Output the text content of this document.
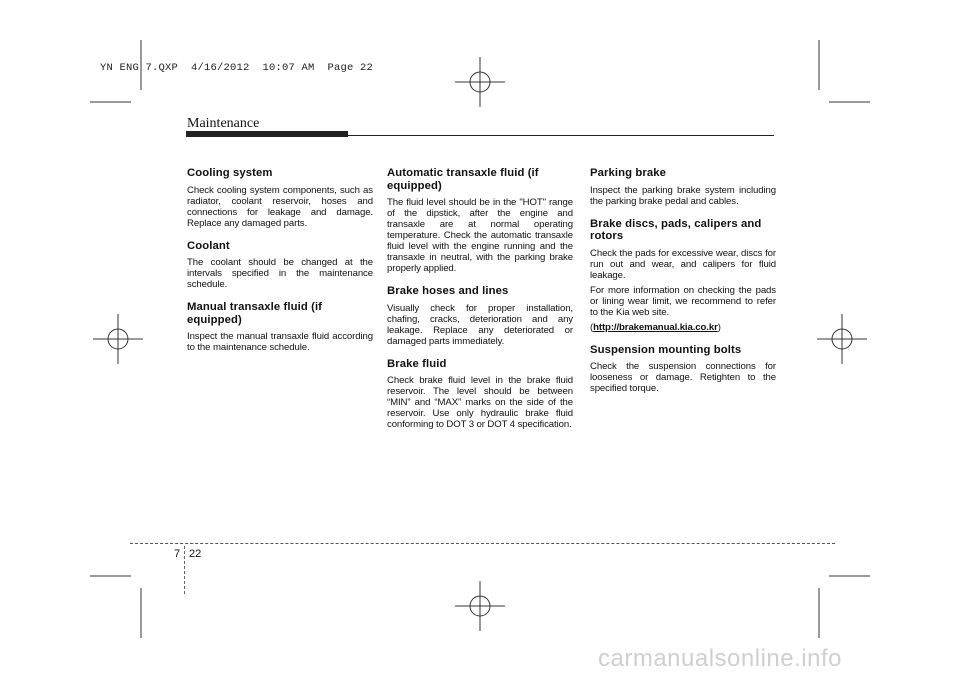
YN ENG 7.QXP  4/16/2012  10:07 AM  Page 22
Maintenance
Cooling system

Check cooling system components, such as radiator, coolant reservoir, hoses and connections for leakage and damage. Replace any damaged parts.

Coolant

The coolant should be changed at the intervals specified in the maintenance schedule.

Manual transaxle fluid (if equipped)

Inspect the manual transaxle fluid according to the maintenance schedule.

Automatic transaxle fluid (if equipped)

The fluid level should be in the "HOT" range of the dipstick, after the engine and transaxle are at normal operating temperature. Check the automatic transaxle fluid level with the engine running and the transaxle in neutral, with the parking brake properly applied.

Brake hoses and lines

Visually check for proper installation, chafing, cracks, deterioration and any leakage. Replace any deteriorated or damaged parts immediately.

Brake fluid

Check brake fluid level in the brake fluid reservoir. The level should be between “MIN” and “MAX” marks on the side of the reservoir. Use only hydraulic brake fluid conforming to DOT 3 or DOT 4 specification.

Parking brake

Inspect the parking brake system including the parking brake pedal and cables.

Brake discs, pads, calipers and rotors

Check the pads for excessive wear, discs for run out and wear, and calipers for fluid leakage.

For more information on checking the pads or lining wear limit, we recommend to refer to the Kia web site.

(http://brakemanual.kia.co.kr)

Suspension mounting bolts

Check the suspension connections for looseness or damage. Retighten to the specified torque.

7 22
carmanualsonline.info
